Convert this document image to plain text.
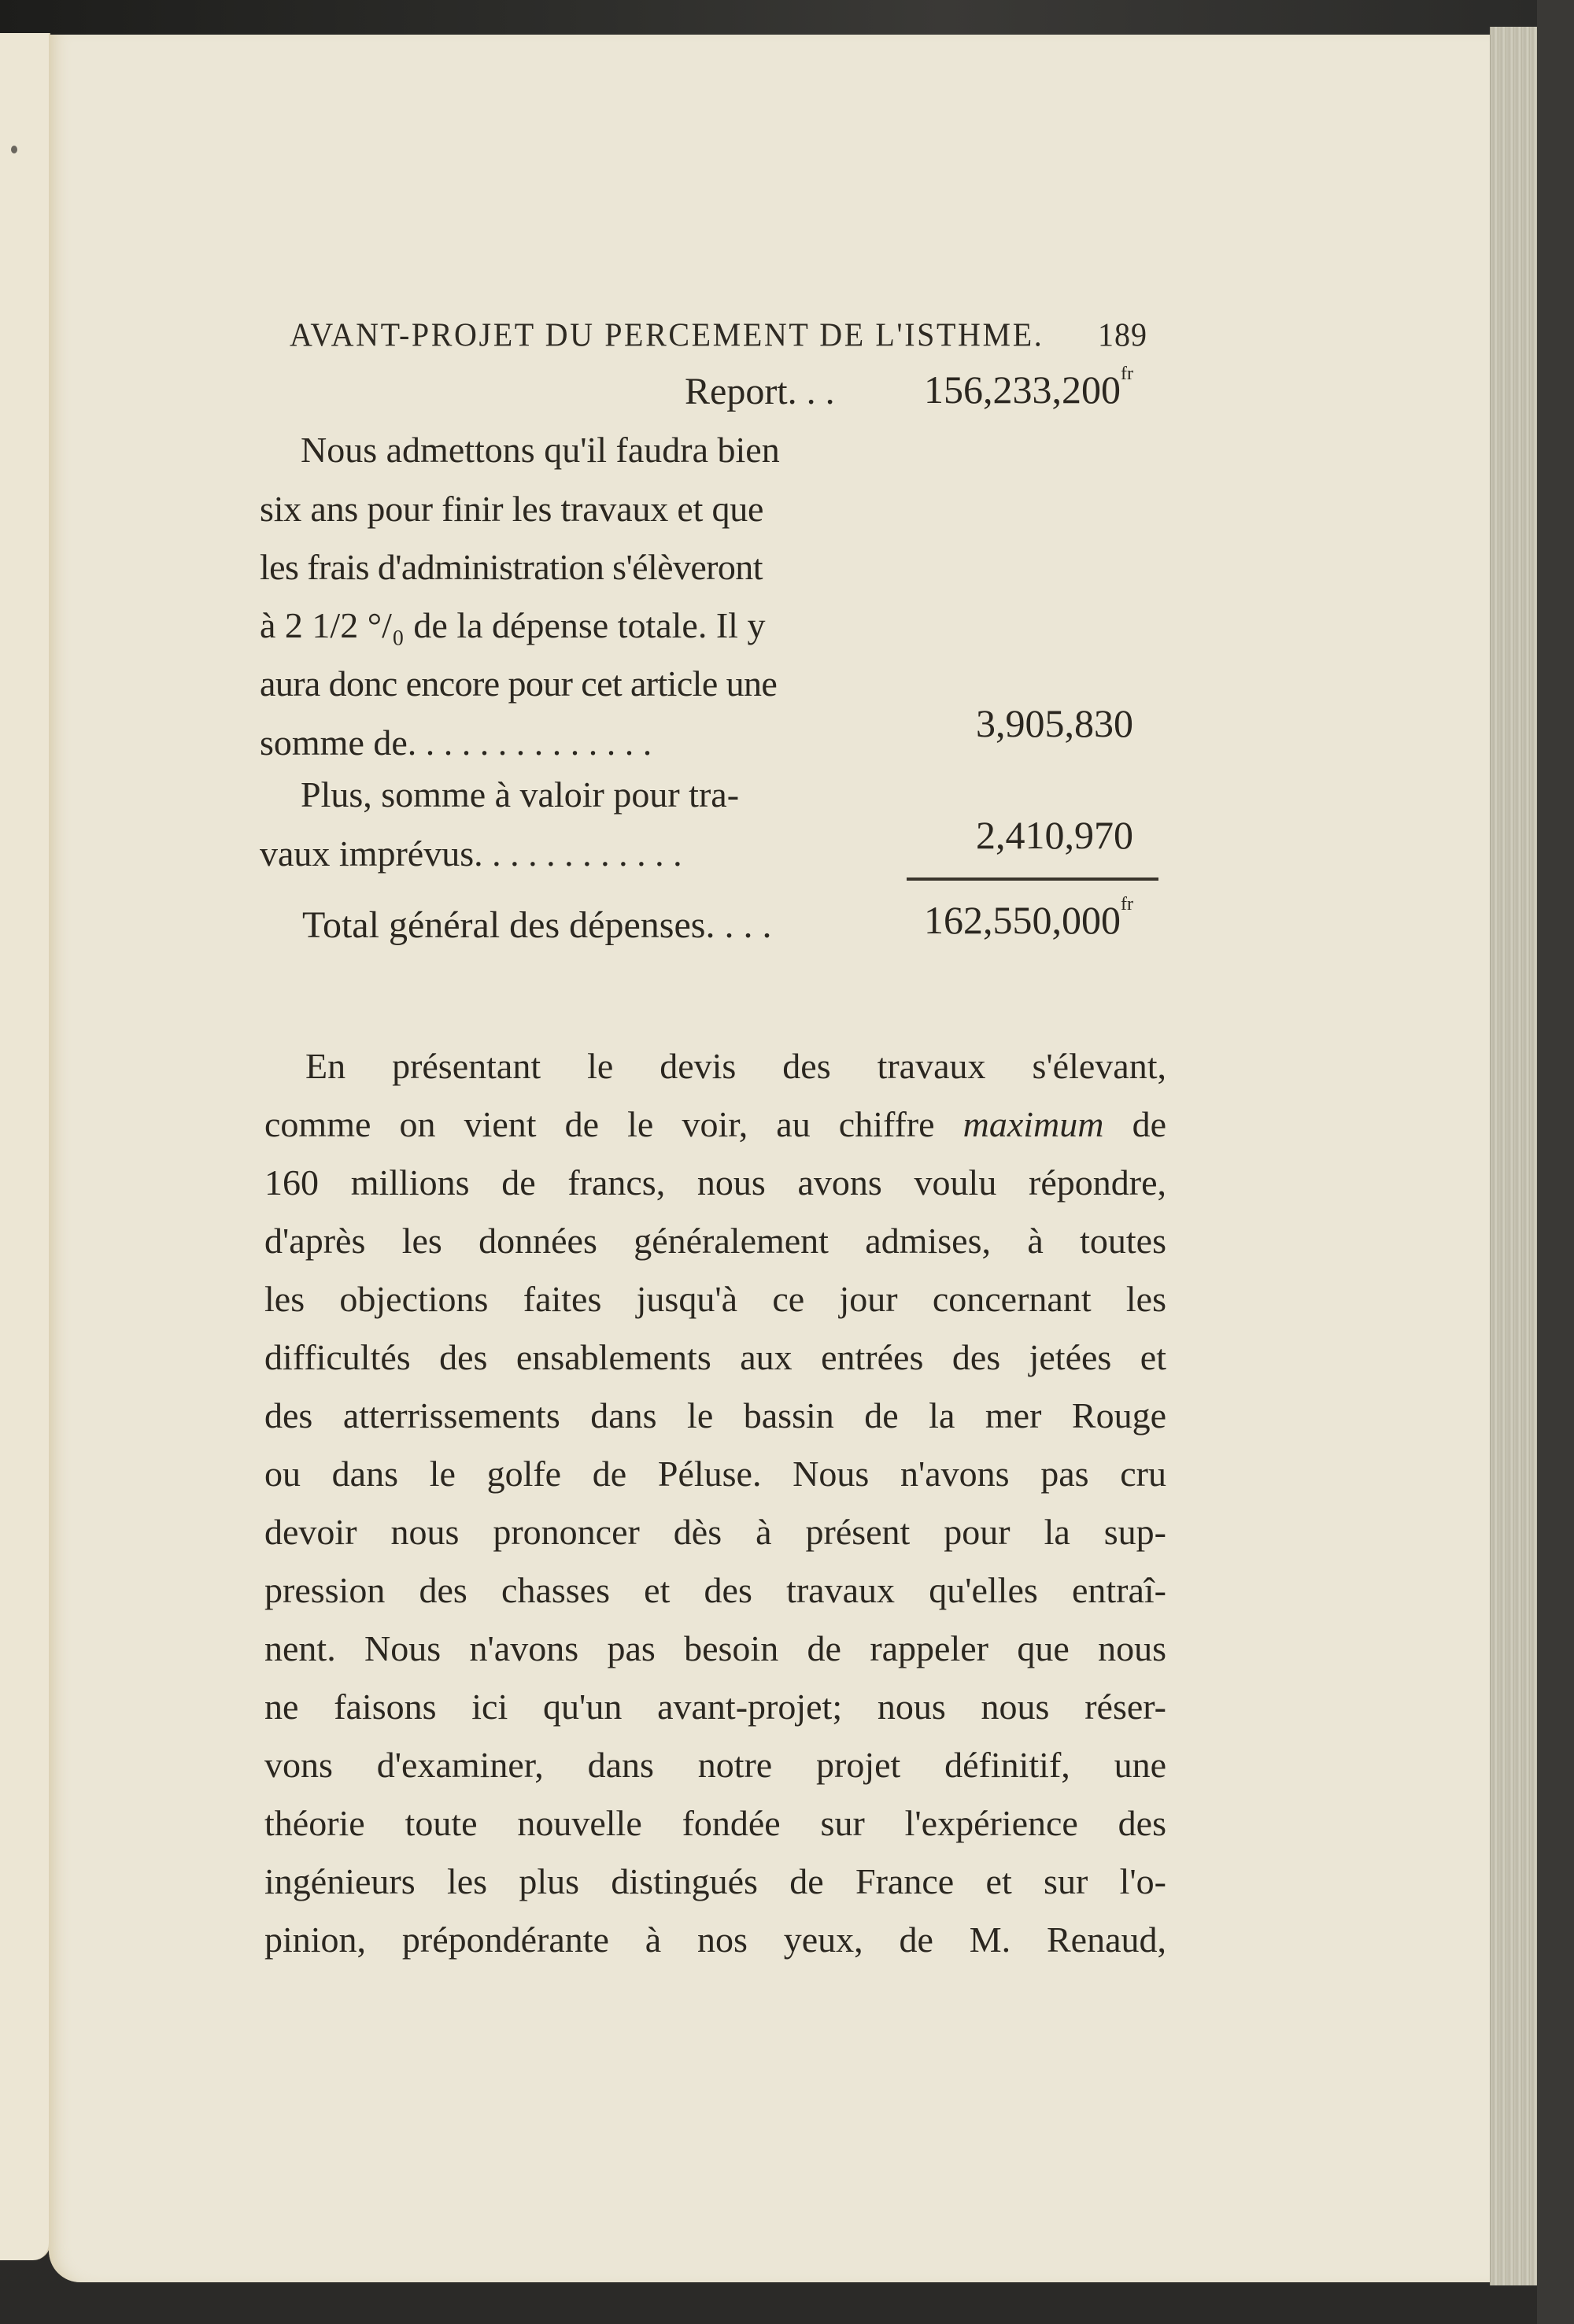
AVANT-PROJET DU PERCEMENT DE L'ISTHME. 189
Report. . .	$156,233,200^{fr}$
Nous admettons qu'il faudra bien
six ans pour finir les travaux et que
les frais d'administration s'élèveront
à 2 1/2 °/₀ de la dépense totale. Il y
aura donc encore pour cet article une
somme de. . . . . . . . . . . . . .	3,905,830
Plus, somme à valoir pour tra-
vaux imprévus. . . . . . . . . . . .	2,410,970
Total général des dépenses. . . .	$162,550,000^{fr}$
En présentant le devis des travaux s'élevant,
comme on vient de le voir, au chiffre maximum de
160 millions de francs, nous avons voulu répondre,
d'après les données généralement admises, à toutes
les objections faites jusqu'à ce jour concernant les
difficultés des ensablements aux entrées des jetées et
des atterrissements dans le bassin de la mer Rouge
ou dans le golfe de Péluse. Nous n'avons pas cru
devoir nous prononcer dès à présent pour la sup-
pression des chasses et des travaux qu'elles entraî-
nent. Nous n'avons pas besoin de rappeler que nous
ne faisons ici qu'un avant-projet; nous nous réser-
vons d'examiner, dans notre projet définitif, une
théorie toute nouvelle fondée sur l'expérience des
ingénieurs les plus distingués de France et sur l'o-
pinion, prépondérante à nos yeux, de M. Renaud,
